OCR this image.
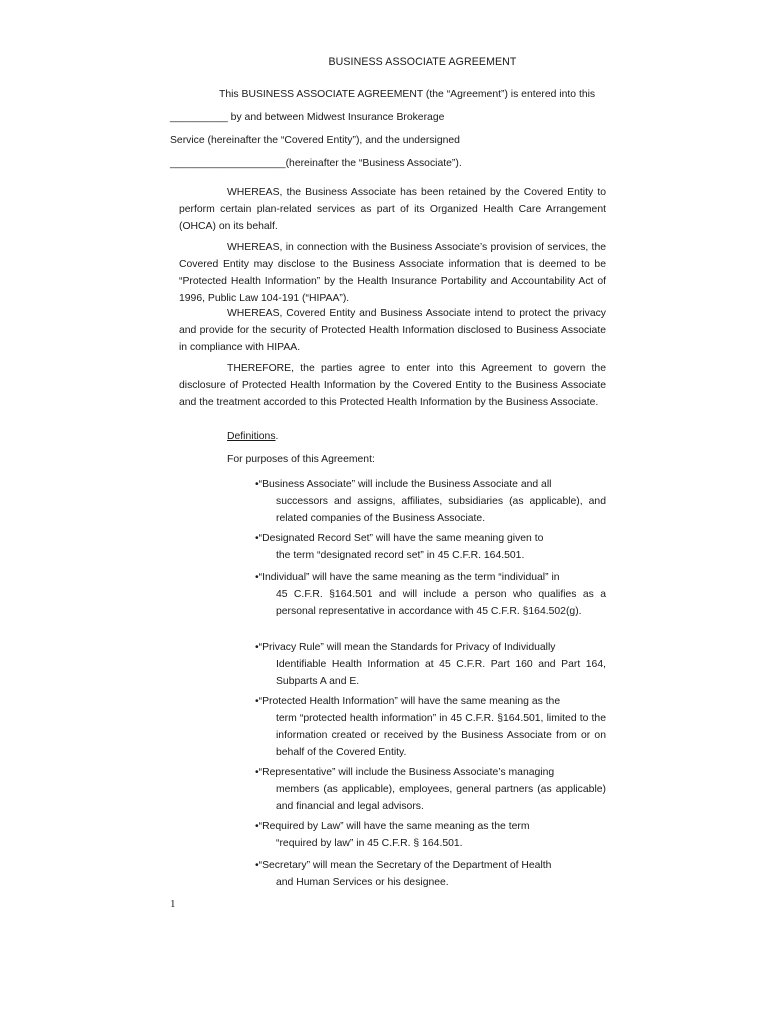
BUSINESS ASSOCIATE AGREEMENT
This BUSINESS ASSOCIATE AGREEMENT (the “Agreement”) is entered into this
__________ by and between Midwest Insurance Brokerage
Service (hereinafter the “Covered Entity”), and the undersigned
____________________(hereinafter the “Business Associate”).
WHEREAS, the Business Associate has been retained by the Covered Entity to perform certain plan-related services as part of its Organized Health Care Arrangement (OHCA) on its behalf.
WHEREAS, in connection with the Business Associate’s provision of services, the Covered Entity may disclose to the Business Associate information that is deemed to be “Protected Health Information” by the Health Insurance Portability and Accountability Act of 1996, Public Law 104-191 (“HIPAA”).
WHEREAS, Covered Entity and Business Associate intend to protect the privacy and provide for the security of Protected Health Information disclosed to Business Associate in compliance with HIPAA.
THEREFORE, the parties agree to enter into this Agreement to govern the disclosure of Protected Health Information by the Covered Entity to the Business Associate and the treatment accorded to this Protected Health Information by the Business Associate.
Definitions.
For purposes of this Agreement:
•“Business Associate” will include the Business Associate and all
successors and assigns, affiliates, subsidiaries (as applicable), and related companies of the Business Associate.
•“Designated Record Set” will have the same meaning given to
the term “designated record set” in 45 C.F.R. 164.501.
•“Individual” will have the same meaning as the term “individual” in
45 C.F.R. §164.501 and will include a person who qualifies as a personal representative in accordance with 45 C.F.R. §164.502(g).
•“Privacy Rule” will mean the Standards for Privacy of Individually
Identifiable Health Information at 45 C.F.R. Part 160 and Part 164, Subparts A and E.
•“Protected Health Information” will have the same meaning as the
term “protected health information” in 45 C.F.R. §164.501, limited to the information created or received by the Business Associate from or on behalf of the Covered Entity.
•“Representative” will include the Business Associate’s managing
members (as applicable), employees, general partners (as applicable) and financial and legal advisors.
•“Required by Law” will have the same meaning as the term
“required by law” in 45 C.F.R. § 164.501.
•“Secretary” will mean the Secretary of the Department of Health
and Human Services or his designee.
1
